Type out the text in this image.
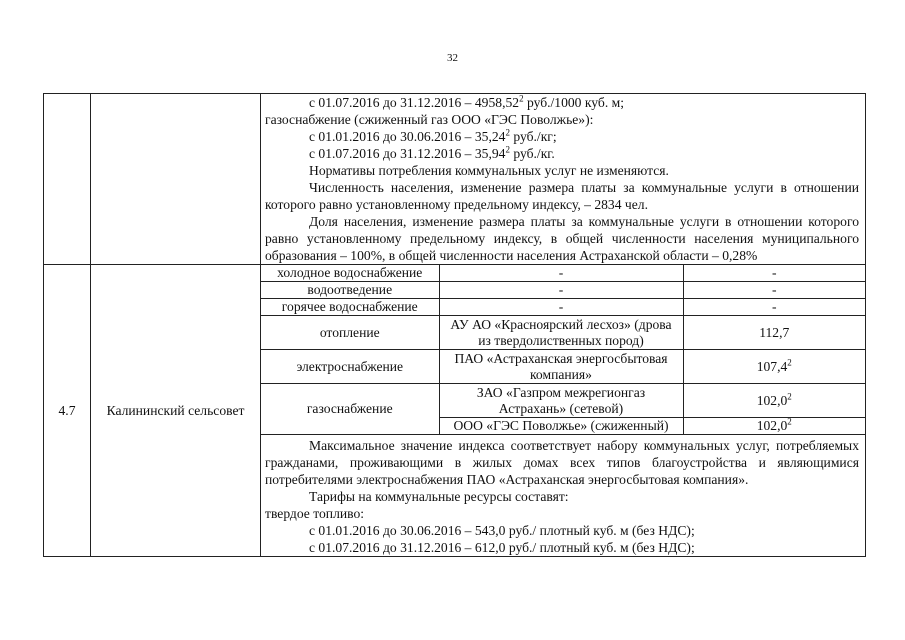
32

с 01.07.2016 до 31.12.2016 – 4958,52$^2$ руб./1000 куб. м;
газоснабжение (сжиженный газ ООО «ГЭС Поволжье»):
с 01.01.2016 до 30.06.2016 – 35,24$^2$ руб./кг;
с 01.07.2016 до 31.12.2016 – 35,94$^2$ руб./кг.
Нормативы потребления коммунальных услуг не изменяются.
Численность населения, изменение размера платы за коммунальные услуги в отношении которого равно установленному предельному индексу, – 2834 чел.
Доля населения, изменение размера платы за коммунальные услуги в отношении которого равно установленному предельному индексу, в общей численности населения муниципального образования – 100%, в общей численности населения Астраханской области – 0,28%

4.7	Калининский сельсовет	
холодное водоснабжение	-	-
водоотведение	-	-
горячее водоснабжение	-	-
отопление	АУ АО «Красноярский лесхоз» (дрова из твердолиственных пород)	112,7
электроснабжение	ПАО «Астраханская энергосбытовая компания»	107,4$^2$
газоснабжение	ЗАО «Газпром межрегионгаз Астрахань» (сетевой)	102,0$^2$
ООО «ГЭС Поволжье» (сжиженный)	102,0$^2$
Максимальное значение индекса соответствует набору коммунальных услуг, потребляемых гражданами, проживающими в жилых домах всех типов благоустройства и являющимися потребителями электроснабжения ПАО «Астраханская энергосбытовая компания».
Тарифы на коммунальные ресурсы составят:
твердое топливо:
с 01.01.2016 до 30.06.2016 – 543,0 руб./ плотный куб. м (без НДС);
с 01.07.2016 до 31.12.2016 – 612,0 руб./ плотный куб. м (без НДС);
